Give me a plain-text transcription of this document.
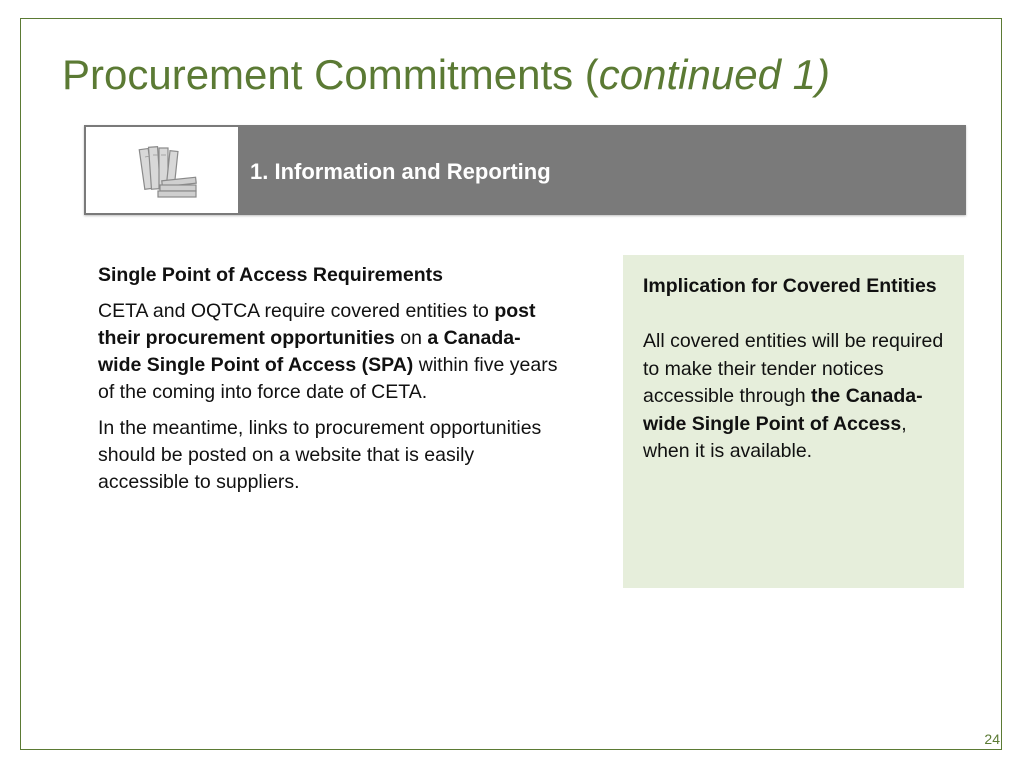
Procurement Commitments (continued 1)
1. Information and Reporting
Single Point of Access Requirements

CETA and OQTCA require covered entities to post their procurement opportunities on a Canada-wide Single Point of Access (SPA) within five years of the coming into force date of CETA.

In the meantime, links to procurement opportunities should be posted on a website that is easily accessible to suppliers.

Implication for Covered Entities

All covered entities will be required to make their tender notices accessible through the Canada-wide Single Point of Access, when it is available.

24
